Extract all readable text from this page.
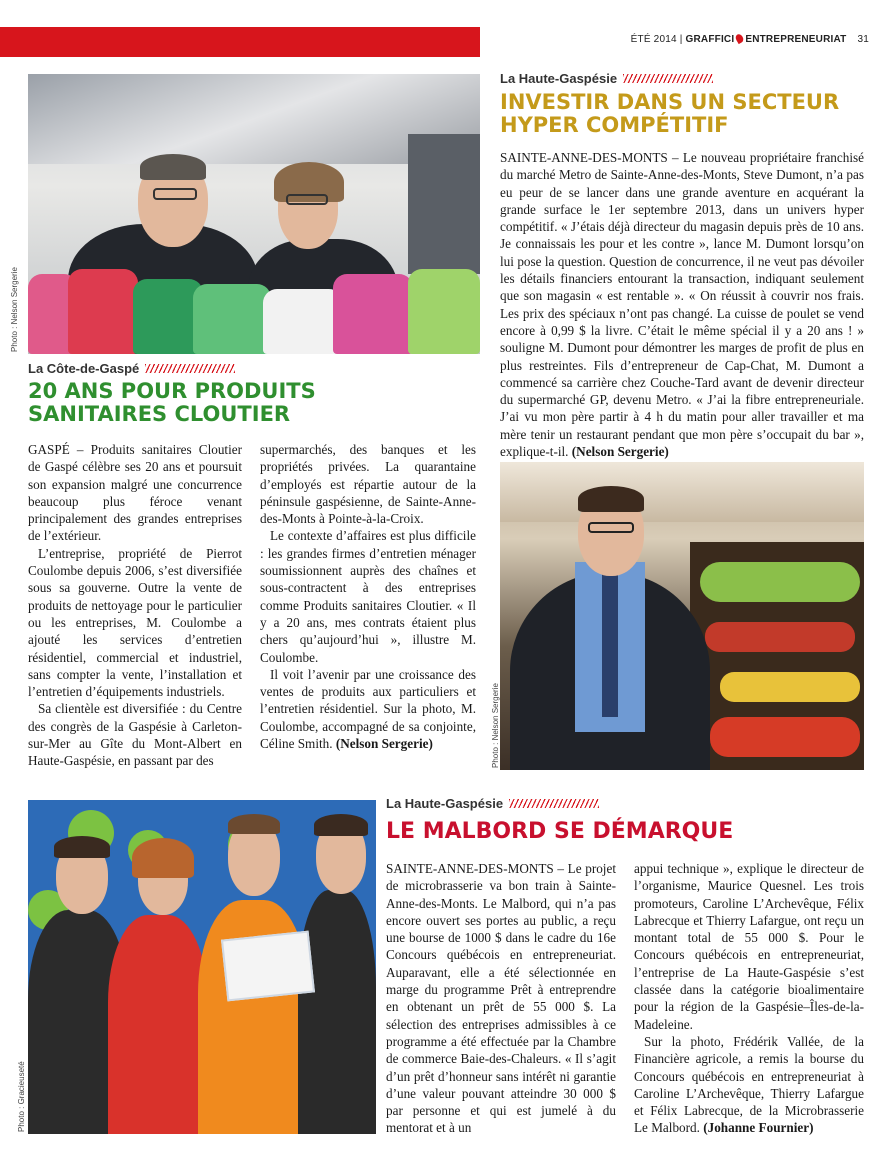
ÉTÉ 2014 | GRAFFICI ENTREPRENEURIAT 31
Photo : Nelson Sergerie
La Côte-de-Gaspé
20 ANS POUR PRODUITS
SANITAIRES CLOUTIER

GASPÉ – Produits sanitaires Cloutier de Gaspé célèbre ses 20 ans et poursuit son expansion malgré une concurrence beaucoup plus féroce venant principalement des grandes entreprises de l’extérieur.

L’entreprise, propriété de Pierrot Coulombe depuis 2006, s’est diversifiée sous sa gouverne. Outre la vente de produits de nettoyage pour le particulier ou les entreprises, M. Coulombe a ajouté les services d’entretien résidentiel, commercial et industriel, sans compter la vente, l’installation et l’entretien d’équipements industriels.

Sa clientèle est diversifiée : du Centre des congrès de la Gaspésie à Carleton-sur-Mer au Gîte du Mont-Albert en Haute-Gaspésie, en passant par des

supermarchés, des banques et les propriétés privées. La quarantaine d’employés est répartie autour de la péninsule gaspésienne, de Sainte-Anne-des-Monts à Pointe-à-la-Croix.

Le contexte d’affaires est plus difficile : les grandes firmes d’entretien ménager soumissionnent auprès des chaînes et sous-contractent à des entreprises comme Produits sanitaires Cloutier. « Il y a 20 ans, mes contrats étaient plus chers qu’aujourd’hui », illustre M. Coulombe.

Il voit l’avenir par une croissance des ventes de produits aux particuliers et l’entretien résidentiel. Sur la photo, M. Coulombe, accompagné de sa conjointe, Céline Smith. (Nelson Sergerie)

La Haute-Gaspésie
INVESTIR DANS UN SECTEUR
HYPER COMPÉTITIF

SAINTE-ANNE-DES-MONTS – Le nouveau propriétaire franchisé du marché Metro de Sainte-Anne-des-Monts, Steve Dumont, n’a pas eu peur de se lancer dans une grande aventure en acquérant la grande surface le 1er septembre 2013, dans un univers hyper compétitif. « J’étais déjà directeur du magasin depuis près de 10 ans. Je connaissais les pour et les contre », lance M. Dumont lorsqu’on lui pose la question. Question de concurrence, il ne veut pas dévoiler les détails financiers entourant la transaction, indiquant seulement que son magasin « est rentable ». « On réussit à couvrir nos frais. Les prix des spéciaux n’ont pas changé. La cuisse de poulet se vend encore à 0,99 $ la livre. C’était le même spécial il y a 20 ans ! » souligne M. Dumont pour démontrer les marges de profit de plus en plus restreintes. Fils d’entrepreneur de Cap-Chat, M. Dumont a commencé sa carrière chez Couche-Tard avant de devenir directeur du supermarché GP, devenu Metro. « J’ai la fibre entrepreneuriale. J’ai vu mon père partir à 4 h du matin pour aller travailler et ma mère tenir un restaurant pendant que mon père s’occupait du bar », explique-t-il. (Nelson Sergerie)

Photo : Nelson Sergerie
Photo : Gracieuseté
La Haute-Gaspésie
LE MALBORD SE DÉMARQUE

SAINTE-ANNE-DES-MONTS – Le projet de microbrasserie va bon train à Sainte-Anne-des-Monts. Le Malbord, qui n’a pas encore ouvert ses portes au public, a reçu une bourse de 1000 $ dans le cadre du 16e Concours québécois en entrepreneuriat. Auparavant, elle a été sélectionnée en marge du programme Prêt à entreprendre en obtenant un prêt de 55 000 $. La sélection des entreprises admissibles à ce programme a été effectuée par la Chambre de commerce Baie-des-Chaleurs. « Il s’agit d’un prêt d’honneur sans intérêt ni garantie d’une valeur pouvant atteindre 30 000 $ par personne et qui est jumelé à du mentorat et à un

appui technique », explique le directeur de l’organisme, Maurice Quesnel. Les trois promoteurs, Caroline L’Archevêque, Félix Labrecque et Thierry Lafargue, ont reçu un montant total de 55 000 $. Pour le Concours québécois en entrepreneuriat, l’entreprise de La Haute-Gaspésie s’est classée dans la catégorie bioalimentaire pour la région de la Gaspésie–Îles-de-la-Madeleine.

Sur la photo, Frédérik Vallée, de la Financière agricole, a remis la bourse du Concours québécois en entrepreneuriat à Caroline L’Archevêque, Thierry Lafargue et Félix Labrecque, de la Microbrasserie Le Malbord. (Johanne Fournier)
